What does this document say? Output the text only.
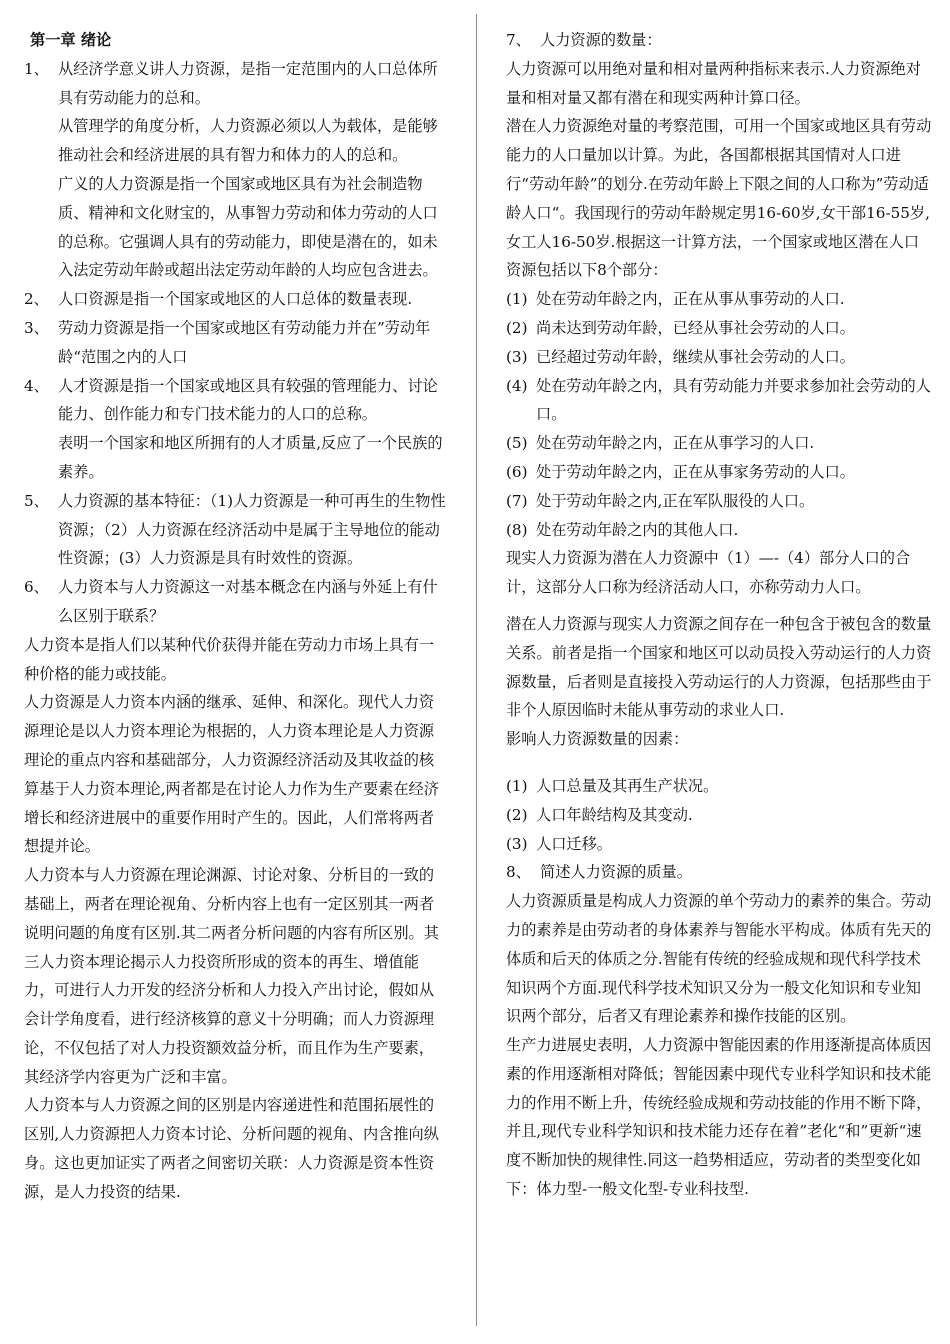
第一章 绪论
1、 从经济学意义讲人力资源，是指一定范围内的人口总体所具有劳动能力的总和。
从管理学的角度分析，人力资源必须以人为载体，是能够推动社会和经济进展的具有智力和体力的人的总和。
广义的人力资源是指一个国家或地区具有为社会制造物质、精神和文化财宝的，从事智力劳动和体力劳动的人口的总称。它强调人具有的劳动能力，即使是潜在的，如未入法定劳动年龄或超出法定劳动年龄的人均应包含进去。
2、 人口资源是指一个国家或地区的人口总体的数量表现.
3、 劳动力资源是指一个国家或地区有劳动能力并在”劳动年龄“范围之内的人口
4、 人才资源是指一个国家或地区具有较强的管理能力、讨论能力、创作能力和专门技术能力的人口的总称。
表明一个国家和地区所拥有的人才质量,反应了一个民族的素养。
5、 人力资源的基本特征：（1)人力资源是一种可再生的生物性资源；（2）人力资源在经济活动中是属于主导地位的能动性资源；(3）人力资源是具有时效性的资源。
6、 人力资本与人力资源这一对基本概念在内涵与外延上有什么区别于联系？
人力资本是指人们以某种代价获得并能在劳动力市场上具有一种价格的能力或技能。
人力资源是人力资本内涵的继承、延伸、和深化。现代人力资源理论是以人力资本理论为根据的，人力资本理论是人力资源理论的重点内容和基础部分，人力资源经济活动及其收益的核算基于人力资本理论,两者都是在讨论人力作为生产要素在经济增长和经济进展中的重要作用时产生的。因此，人们常将两者想提并论。
人力资本与人力资源在理论渊源、讨论对象、分析目的一致的基础上，两者在理论视角、分析内容上也有一定区别其一两者说明问题的角度有区别.其二两者分析问题的内容有所区别。其三人力资本理论揭示人力投资所形成的资本的再生、增值能力，可进行人力开发的经济分析和人力投入产出讨论，假如从会计学角度看，进行经济核算的意义十分明确；而人力资源理论，不仅包括了对人力投资额效益分析，而且作为生产要素，其经济学内容更为广泛和丰富。
人力资本与人力资源之间的区别是内容递进性和范围拓展性的区别,人力资源把人力资本讨论、分析问题的视角、内含推向纵身。这也更加证实了两者之间密切关联：人力资源是资本性资源，是人力投资的结果.
7、 人力资源的数量：
人力资源可以用绝对量和相对量两种指标来表示.人力资源绝对量和相对量又都有潜在和现实两种计算口径。
潜在人力资源绝对量的考察范围，可用一个国家或地区具有劳动能力的人口量加以计算。为此，各国都根据其国情对人口进行“劳动年龄”的划分.在劳动年龄上下限之间的人口称为”劳动适龄人口“。我国现行的劳动年龄规定男16-60岁,女干部16-55岁,女工人16-50岁.根据这一计算方法，一个国家或地区潜在人口资源包括以下8个部分：
(1) 处在劳动年龄之内，正在从事从事劳动的人口.
(2) 尚未达到劳动年龄，已经从事社会劳动的人口。
(3) 已经超过劳动年龄，继续从事社会劳动的人口。
(4) 处在劳动年龄之内，具有劳动能力并要求参加社会劳动的人口。
(5) 处在劳动年龄之内，正在从事学习的人口.
(6) 处于劳动年龄之内，正在从事家务劳动的人口。
(7) 处于劳动年龄之内,正在军队服役的人口。
(8) 处在劳动年龄之内的其他人口.
现实人力资源为潜在人力资源中（1）—-（4）部分人口的合计，这部分人口称为经济活动人口，亦称劳动力人口。
潜在人力资源与现实人力资源之间存在一种包含于被包含的数量关系。前者是指一个国家和地区可以动员投入劳动运行的人力资源数量，后者则是直接投入劳动运行的人力资源，包括那些由于非个人原因临时未能从事劳动的求业人口.
影响人力资源数量的因素：
(1) 人口总量及其再生产状况。
(2) 人口年龄结构及其变动.
(3) 人口迁移。
8、 简述人力资源的质量。
人力资源质量是构成人力资源的单个劳动力的素养的集合。劳动力的素养是由劳动者的身体素养与智能水平构成。体质有先天的体质和后天的体质之分.智能有传统的经验成规和现代科学技术知识两个方面.现代科学技术知识又分为一般文化知识和专业知识两个部分，后者又有理论素养和操作技能的区别。
生产力进展史表明，人力资源中智能因素的作用逐渐提高体质因素的作用逐渐相对降低；智能因素中现代专业科学知识和技术能力的作用不断上升，传统经验成规和劳动技能的作用不断下降，并且,现代专业科学知识和技术能力还存在着”老化“和”更新“速度不断加快的规律性.同这一趋势相适应，劳动者的类型变化如下：体力型-一般文化型-专业科技型.
